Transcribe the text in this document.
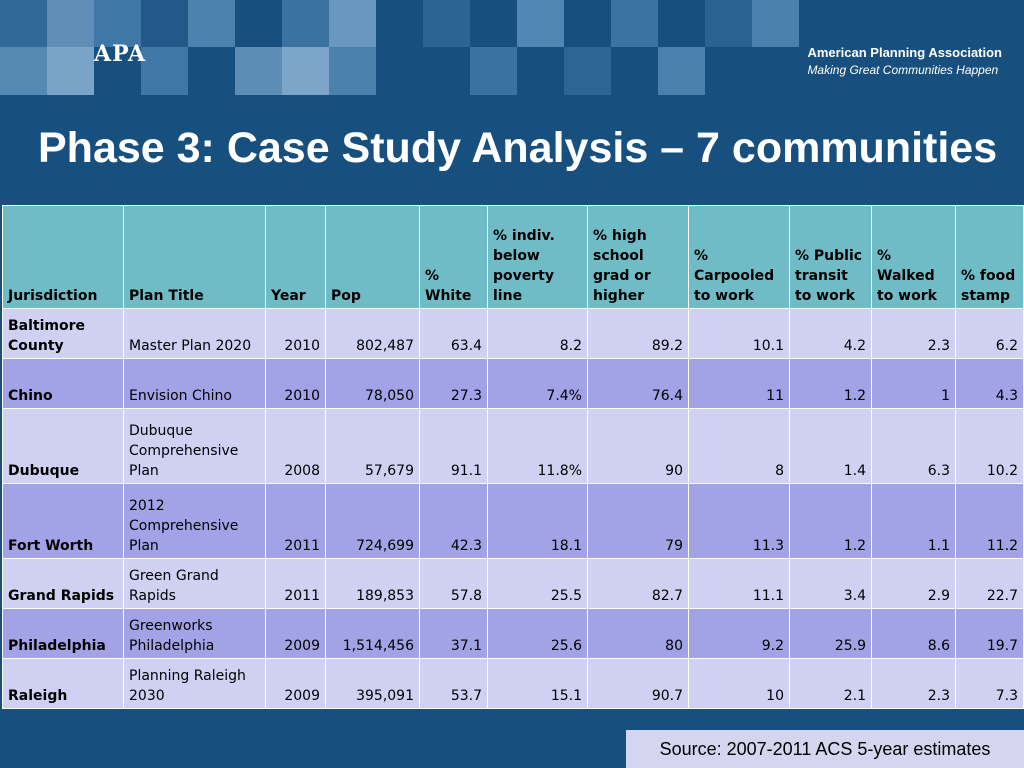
APA	American Planning Association
Making Great Communities Happen
Phase 3: Case Study Analysis – 7 communities
Jurisdiction	Plan Title	Year	Pop	% White	% indiv. below poverty line	% high school grad or higher	% Carpooled to work	% Public transit to work	% Walked to work	% food stamp
Baltimore County	Master Plan 2020	2010	802,487	63.4	8.2	89.2	10.1	4.2	2.3	6.2
Chino	Envision Chino	2010	78,050	27.3	7.4%	76.4	11	1.2	1	4.3
Dubuque	Dubuque Comprehensive Plan	2008	57,679	91.1	11.8%	90	8	1.4	6.3	10.2
Fort Worth	2012 Comprehensive Plan	2011	724,699	42.3	18.1	79	11.3	1.2	1.1	11.2
Grand Rapids	Green Grand Rapids	2011	189,853	57.8	25.5	82.7	11.1	3.4	2.9	22.7
Philadelphia	Greenworks Philadelphia	2009	1,514,456	37.1	25.6	80	9.2	25.9	8.6	19.7
Raleigh	Planning Raleigh 2030	2009	395,091	53.7	15.1	90.7	10	2.1	2.3	7.3
Source: 2007-2011 ACS 5-year estimates
